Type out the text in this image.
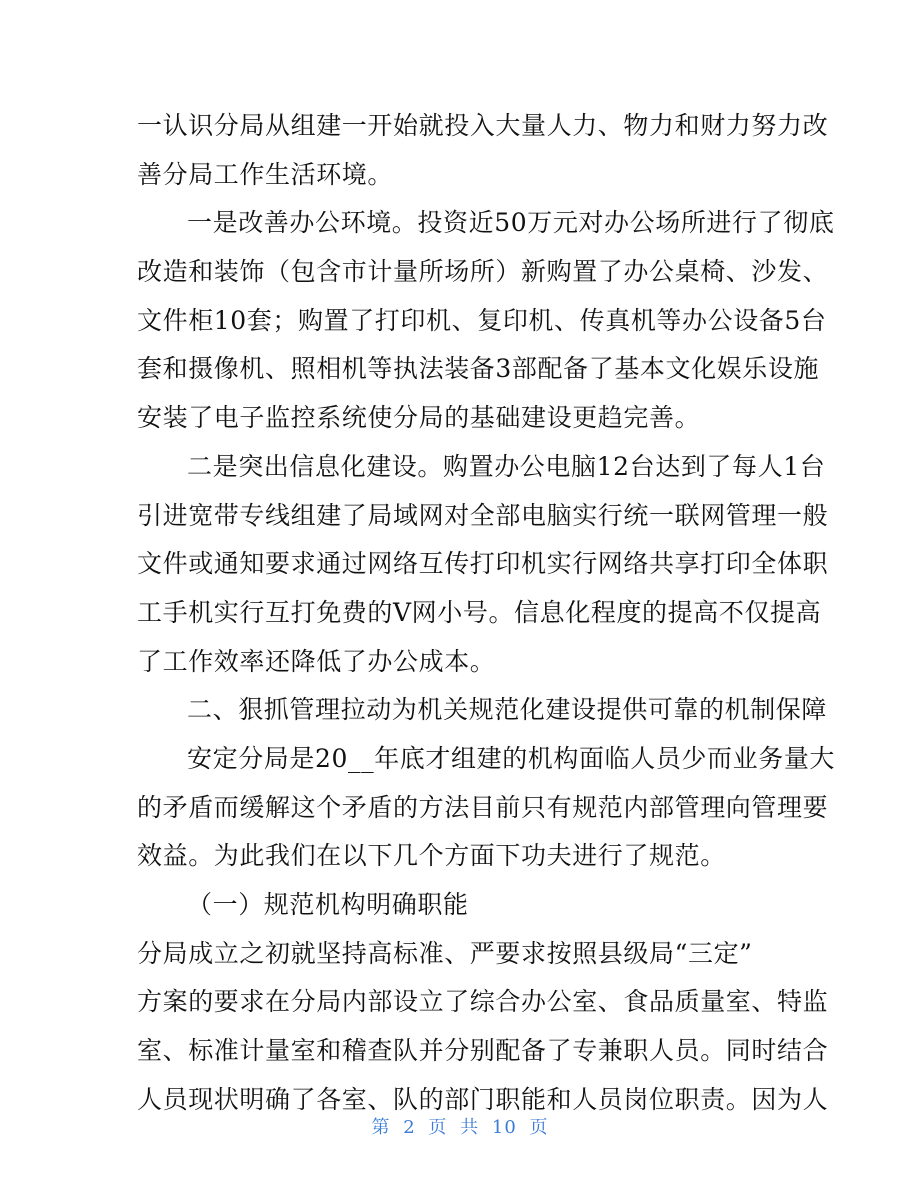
一认识分局从组建一开始就投入大量人力、物力和财力努力改
善分局工作生活环境。
一是改善办公环境。投资近50万元对办公场所进行了彻底
改造和装饰（包含市计量所场所）新购置了办公桌椅、沙发、
文件柜10套；购置了打印机、复印机、传真机等办公设备5台
套和摄像机、照相机等执法装备3部配备了基本文化娱乐设施
安装了电子监控系统使分局的基础建设更趋完善。
二是突出信息化建设。购置办公电脑12台达到了每人1台
引进宽带专线组建了局域网对全部电脑实行统一联网管理一般
文件或通知要求通过网络互传打印机实行网络共享打印全体职
工手机实行互打免费的V网小号。信息化程度的提高不仅提高
了工作效率还降低了办公成本。
二、狠抓管理拉动为机关规范化建设提供可靠的机制保障
安定分局是20__年底才组建的机构面临人员少而业务量大
的矛盾而缓解这个矛盾的方法目前只有规范内部管理向管理要
效益。为此我们在以下几个方面下功夫进行了规范。
（一）规范机构明确职能
分局成立之初就坚持高标准、严要求按照县级局“三定”
方案的要求在分局内部设立了综合办公室、食品质量室、特监
室、标准计量室和稽查队并分别配备了专兼职人员。同时结合
人员现状明确了各室、队的部门职能和人员岗位职责。因为人
第 2 页 共 10 页
